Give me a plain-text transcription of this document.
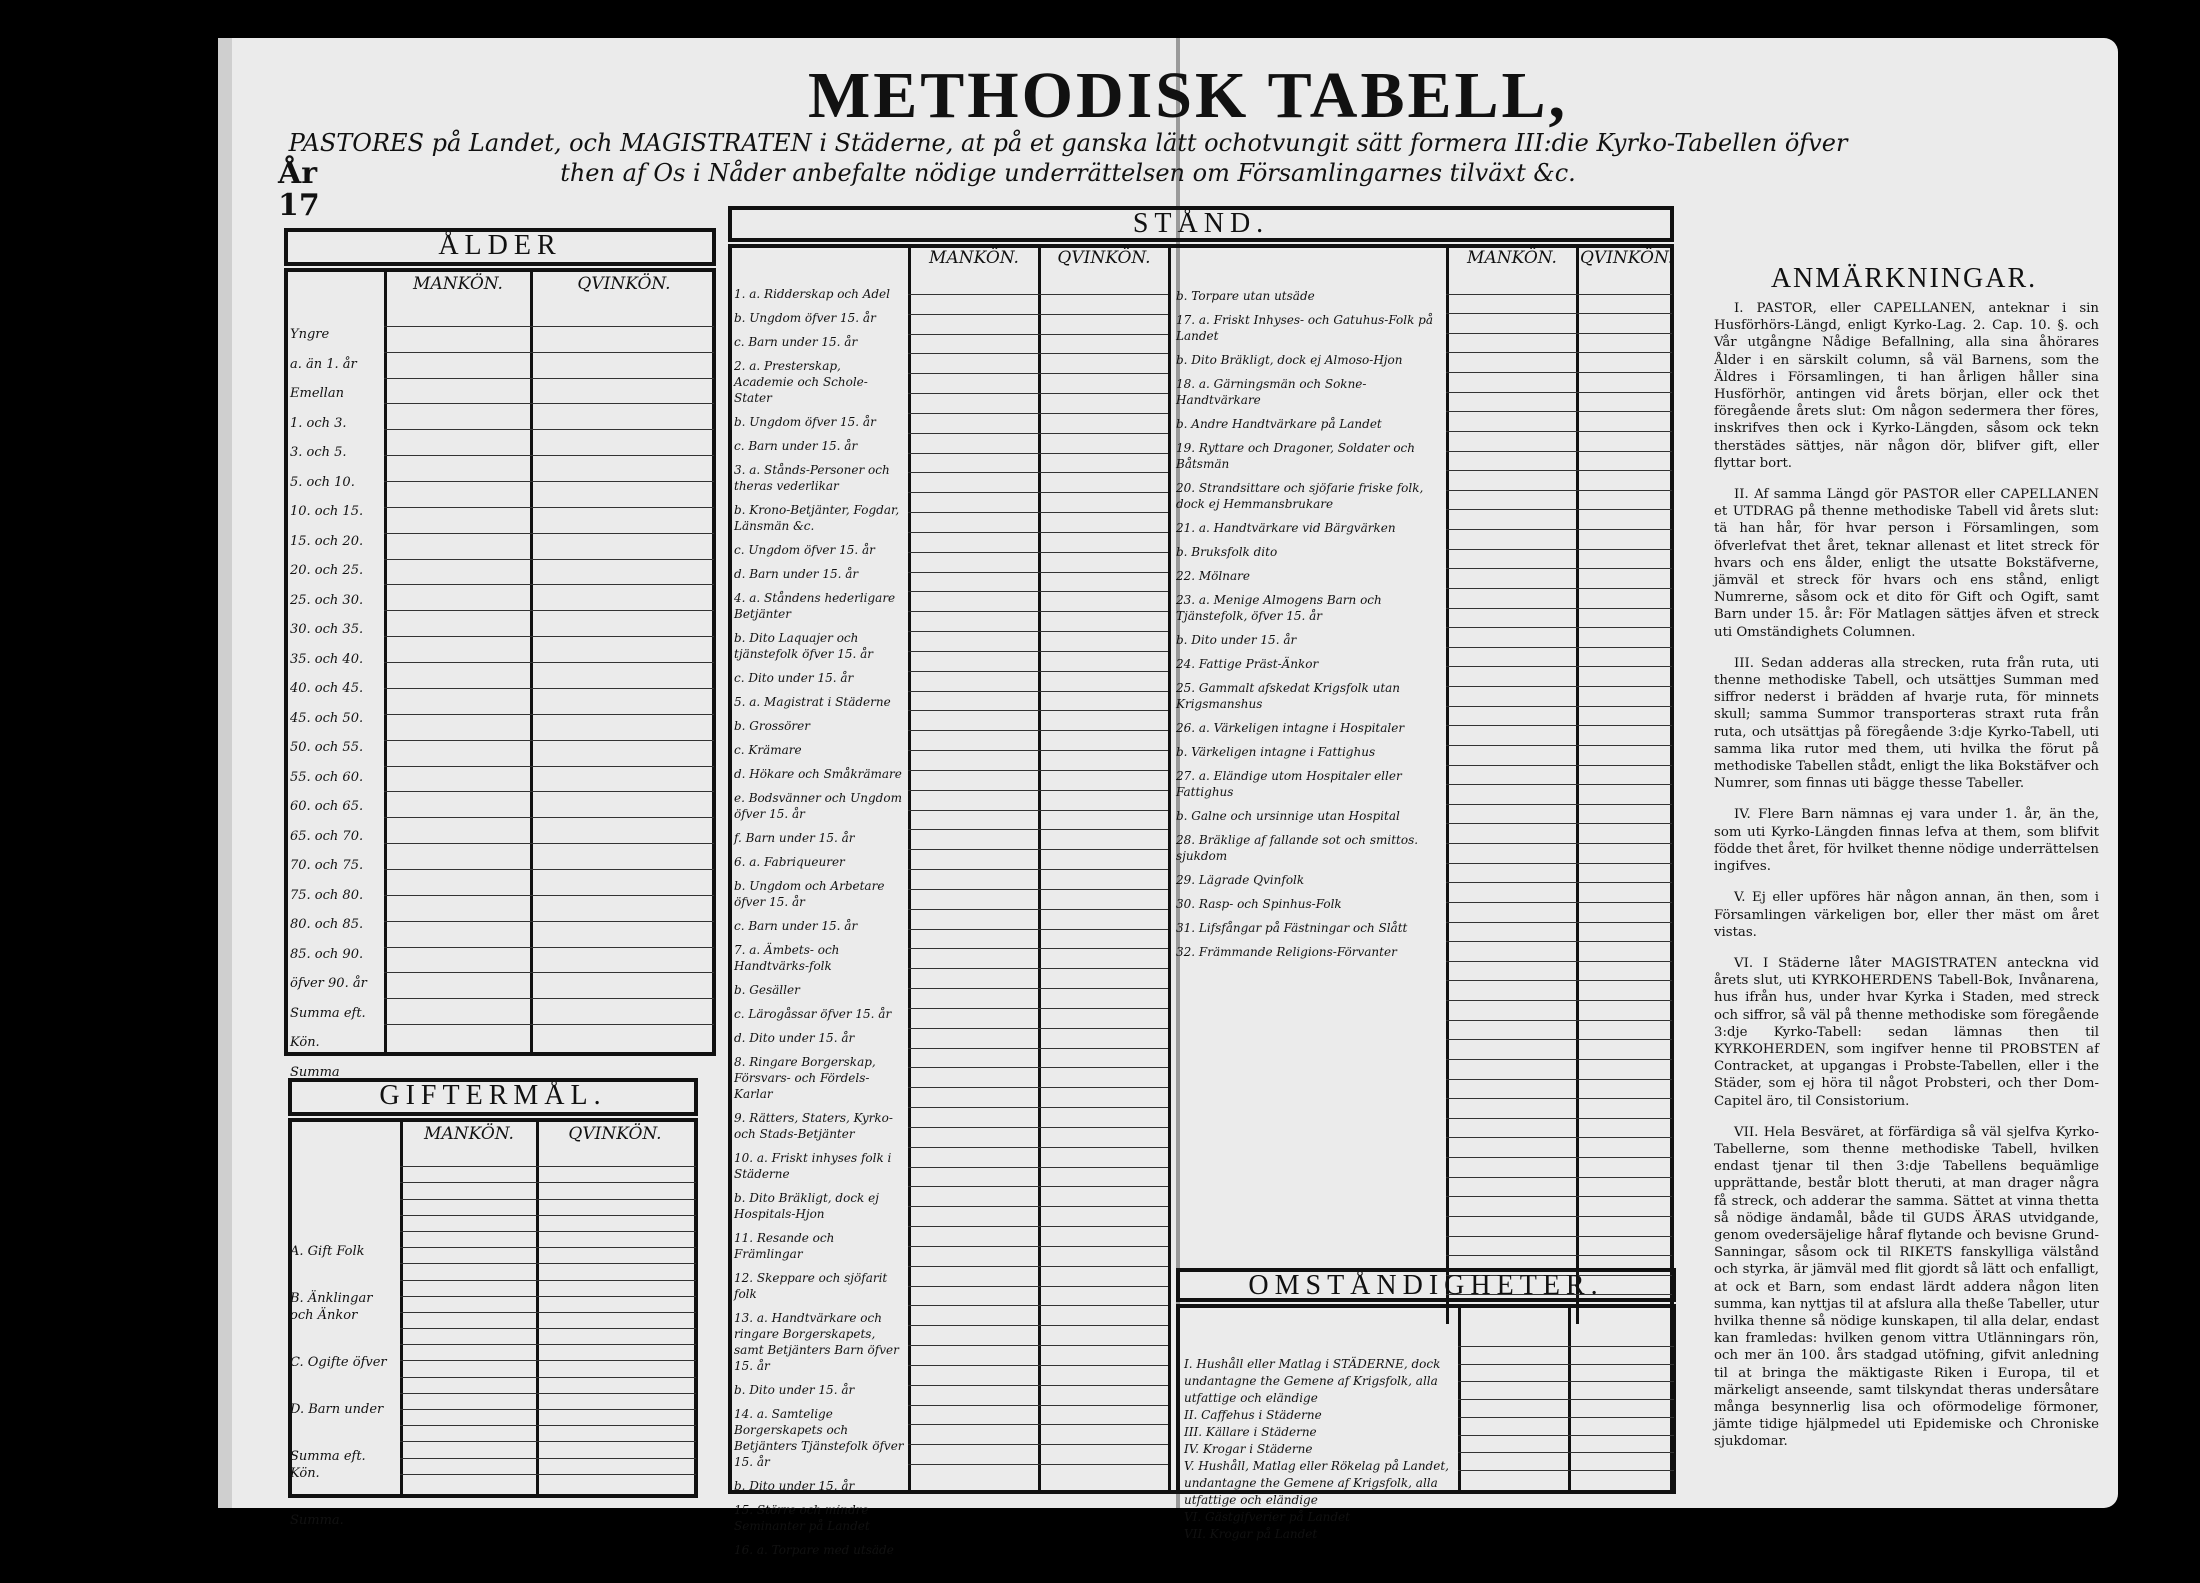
METHODISK TABELL,
PASTORES på Landet, och MAGISTRATEN i Städerne, at på et ganska lätt ochotvungit sätt formera III:die Kyrko-Tabellen öfver then af Os i Nåder anbefalte nödige underrättelsen om Församlingarnes tilväxt &c.
År
17
ÅLDER
MANKÖN.	QVINKÖN.
Yngre
a. än 1. år
Emellan
1. och 3.
3. och 5.
5. och 10.
10. och 15.
15. och 20.
20. och 25.
25. och 30.
30. och 35.
35. och 40.
40. och 45.
45. och 50.
50. och 55.
55. och 60.
60. och 65.
65. och 70.
70. och 75.
75. och 80.
80. och 85.
85. och 90.
öfver 90. år
Summa eft. Kön.
Summa
GIFTERMÅL.
MANKÖN.	QVINKÖN.
A. Gift Folk
B. Änklingar och Änkor
C. Ogifte öfver
D. Barn under
Summa eft. Kön.
Summa.
STÅND.
MANKÖN.	QVINKÖN.	MANKÖN.	QVINKÖN.
1. a. Ridderskap och Adel
b. Ungdom öfver 15. år
c. Barn under 15. år
2. a. Presterskap, Academie och Schole-Stater
b. Ungdom öfver 15. år
c. Barn under 15. år
3. a. Stånds-Personer och theras vederlikar
b. Krono-Betjänter, Fogdar, Länsmän &c.
c. Ungdom öfver 15. år
d. Barn under 15. år
4. a. Ståndens hederligare Betjänter
b. Dito Laquajer och tjänstefolk öfver 15. år
c. Dito under 15. år
5. a. Magistrat i Städerne
b. Grossörer
c. Krämare
d. Hökare och Småkrämare
e. Bodsvänner och Ungdom öfver 15. år
f. Barn under 15. år
6. a. Fabriqueurer
b. Ungdom och Arbetare öfver 15. år
c. Barn under 15. år
7. a. Ämbets- och Handtvärks-folk
b. Gesäller
c. Lärogåssar öfver 15. år
d. Dito under 15. år
8. Ringare Borgerskap, Försvars- och Fördels-Karlar
9. Rätters, Staters, Kyrko- och Stads-Betjänter
10. a. Friskt inhyses folk i Städerne
b. Dito Bräkligt, dock ej Hospitals-Hjon
11. Resande och Främlingar
12. Skeppare och sjöfarit folk
13. a. Handtvärkare och ringare Borgerskapets, samt Betjänters Barn öfver 15. år
b. Dito under 15. år
14. a. Samtelige Borgerskapets och Betjänters Tjänstefolk öfver 15. år
b. Dito under 15. år
15. Större och mindre Seminanter på Landet
16. a. Torpare med utsäde
b. Torpare utan utsäde
17. a. Friskt Inhyses- och Gatuhus-Folk på Landet
b. Dito Bräkligt, dock ej Almoso-Hjon
18. a. Gärningsmän och Sokne-Handtvärkare
b. Andre Handtvärkare på Landet
19. Ryttare och Dragoner, Soldater och Båtsmän
20. Strandsittare och sjöfarie friske folk, dock ej Hemmansbrukare
21. a. Handtvärkare vid Bärgvärken
b. Bruksfolk dito
22. Mölnare
23. a. Menige Almogens Barn och Tjänstefolk, öfver 15. år
b. Dito under 15. år
24. Fattige Präst-Änkor
25. Gammalt afskedat Krigsfolk utan Krigsmanshus
26. a. Värkeligen intagne i Hospitaler
b. Värkeligen intagne i Fattighus
27. a. Eländige utom Hospitaler eller Fattighus
b. Galne och ursinnige utan Hospital
28. Bräklige af fallande sot och smittos. sjukdom
29. Lägrade Qvinfolk
30. Rasp- och Spinhus-Folk
31. Lifsfångar på Fästningar och Slått
32. Främmande Religions-Förvanter
OMSTÅNDIGHETER.
I. Hushåll eller Matlag i STÄDERNE, dock undantagne the Gemene af Krigsfolk, alla utfattige och eländige
II. Caffehus i Städerne
III. Källare i Städerne
IV. Krogar i Städerne
V. Hushåll, Matlag eller Rökelag på Landet, undantagne the Gemene af Krigsfolk, alla utfattige och eländige
VI. Gästgifverier på Landet
VII. Krogar på Landet
ANMÄRKNINGAR.

I. PASTOR, eller CAPELLANEN, anteknar i sin Husförhörs-Längd, enligt Kyrko-Lag. 2. Cap. 10. §. och Vår utgångne Nådige Befallning, alla sina åhörares Ålder i en särskilt column, så väl Barnens, som the Äldres i Församlingen, ti han årligen håller sina Husförhör, antingen vid årets början, eller ock thet föregående årets slut: Om någon sedermera ther föres, inskrifves then ock i Kyrko-Längden, såsom ock tekn therstädes sättjes, när någon dör, blifver gift, eller flyttar bort.

II. Af samma Längd gör PASTOR eller CAPELLANEN et UTDRAG på thenne methodiske Tabell vid årets slut: tä han hår, för hvar person i Församlingen, som öfverlefvat thet året, teknar allenast et litet streck för hvars och ens ålder, enligt the utsatte Bokstäfverne, jämväl et streck för hvars och ens stånd, enligt Numrerne, såsom ock et dito för Gift och Ogift, samt Barn under 15. år: För Matlagen sättjes äfven et streck uti Omständighets Columnen.

III. Sedan adderas alla strecken, ruta från ruta, uti thenne methodiske Tabell, och utsättjes Summan med siffror nederst i brädden af hvarje ruta, för minnets skull; samma Summor transporteras straxt ruta från ruta, och utsättjas på föregående 3:dje Kyrko-Tabell, uti samma lika rutor med them, uti hvilka the förut på methodiske Tabellen stådt, enligt the lika Bokstäfver och Numrer, som finnas uti bägge thesse Tabeller.

IV. Flere Barn nämnas ej vara under 1. år, än the, som uti Kyrko-Längden finnas lefva at them, som blifvit födde thet året, för hvilket thenne nödige underrättelsen ingifves.

V. Ej eller upföres här någon annan, än then, som i Församlingen värkeligen bor, eller ther mäst om året vistas.

VI. I Städerne låter MAGISTRATEN anteckna vid årets slut, uti KYRKOHERDENS Tabell-Bok, Invånarena, hus ifrån hus, under hvar Kyrka i Staden, med streck och siffror, så väl på thenne methodiske som föregående 3:dje Kyrko-Tabell: sedan lämnas then til KYRKOHERDEN, som ingifver henne til PROBSTEN af Contracket, at upgangas i Probste-Tabellen, eller i the Städer, som ej höra til något Probsteri, och ther Dom-Capitel äro, til Consistorium.

VII. Hela Besväret, at förfärdiga så väl sjelfva Kyrko-Tabellerne, som thenne methodiske Tabell, hvilken endast tjenar til then 3:dje Tabellens bequämlige upprättande, består blott theruti, at man drager några få streck, och adderar the samma. Sättet at vinna thetta så nödige ändamål, både til GUDS ÄRAS utvidgande, genom ovedersäjelige håraf flytande och bevisne Grund-Sanningar, såsom ock til RIKETS fanskylliga välstånd och styrka, är jämväl med flit gjordt så lätt och enfalligt, at ock et Barn, som endast lärdt addera någon liten summa, kan nyttjas til at afslura alla theße Tabeller, utur hvilka thenne så nödige kunskapen, til alla delar, endast kan framledas: hvilken genom vittra Utlänningars rön, och mer än 100. års stadgad utöfning, gifvit anledning til at bringa the mäktigaste Riken i Europa, til et märkeligt anseende, samt tilskyndat theras undersåtare många besynnerlig lisa och oförmodelige förmoner, jämte tidige hjälpmedel uti Epidemiske och Chroniske sjukdomar.
